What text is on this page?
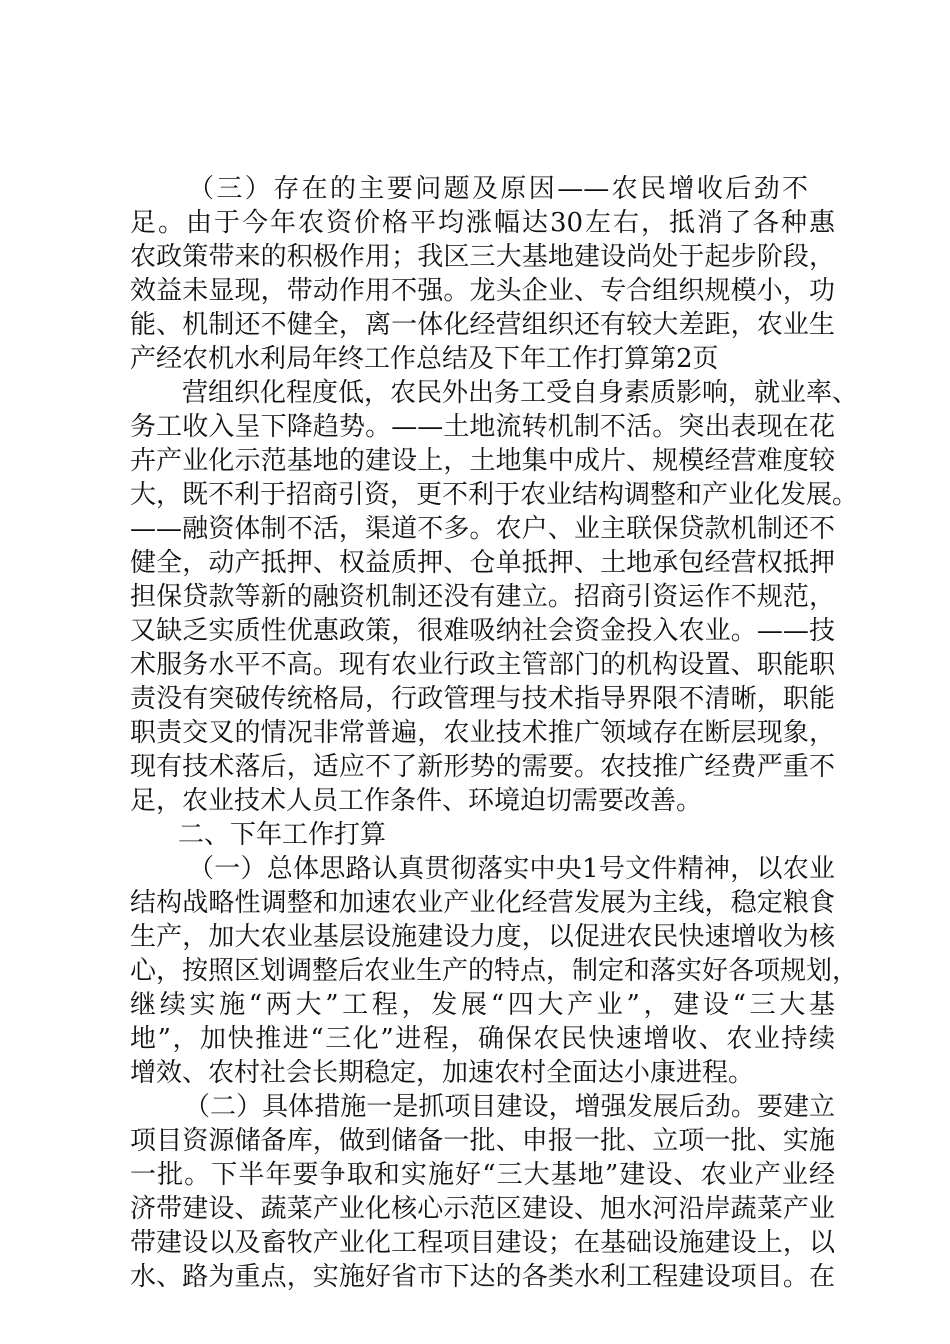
（三）存在的主要问题及原因——农民增收后劲不
足。由于今年农资价格平均涨幅达30左右，抵消了各种惠
农政策带来的积极作用；我区三大基地建设尚处于起步阶段，
效益未显现，带动作用不强。龙头企业、专合组织规模小，功
能、机制还不健全，离一体化经营组织还有较大差距，农业生
产经农机水利局年终工作总结及下年工作打算第2页
营组织化程度低，农民外出务工受自身素质影响，就业率、
务工收入呈下降趋势。——土地流转机制不活。突出表现在花
卉产业化示范基地的建设上，土地集中成片、规模经营难度较
大，既不利于招商引资，更不利于农业结构调整和产业化发展。
——融资体制不活，渠道不多。农户、业主联保贷款机制还不
健全，动产抵押、权益质押、仓单抵押、土地承包经营权抵押
担保贷款等新的融资机制还没有建立。招商引资运作不规范，
又缺乏实质性优惠政策，很难吸纳社会资金投入农业。——技
术服务水平不高。现有农业行政主管部门的机构设置、职能职
责没有突破传统格局，行政管理与技术指导界限不清晰，职能
职责交叉的情况非常普遍，农业技术推广领域存在断层现象，
现有技术落后，适应不了新形势的需要。农技推广经费严重不
足，农业技术人员工作条件、环境迫切需要改善。
二、下年工作打算
（一）总体思路认真贯彻落实中央1号文件精神，以农业
结构战略性调整和加速农业产业化经营发展为主线，稳定粮食
生产，加大农业基层设施建设力度，以促进农民快速增收为核
心，按照区划调整后农业生产的特点，制定和落实好各项规划，
继续实施“两大”工程，发展“四大产业”，建设“三大基
地”，加快推进“三化”进程，确保农民快速增收、农业持续
增效、农村社会长期稳定，加速农村全面达小康进程。
（二）具体措施一是抓项目建设，增强发展后劲。要建立
项目资源储备库，做到储备一批、申报一批、立项一批、实施
一批。下半年要争取和实施好“三大基地”建设、农业产业经
济带建设、蔬菜产业化核心示范区建设、旭水河沿岸蔬菜产业
带建设以及畜牧产业化工程项目建设；在基础设施建设上，以
水、路为重点，实施好省市下达的各类水利工程建设项目。在
